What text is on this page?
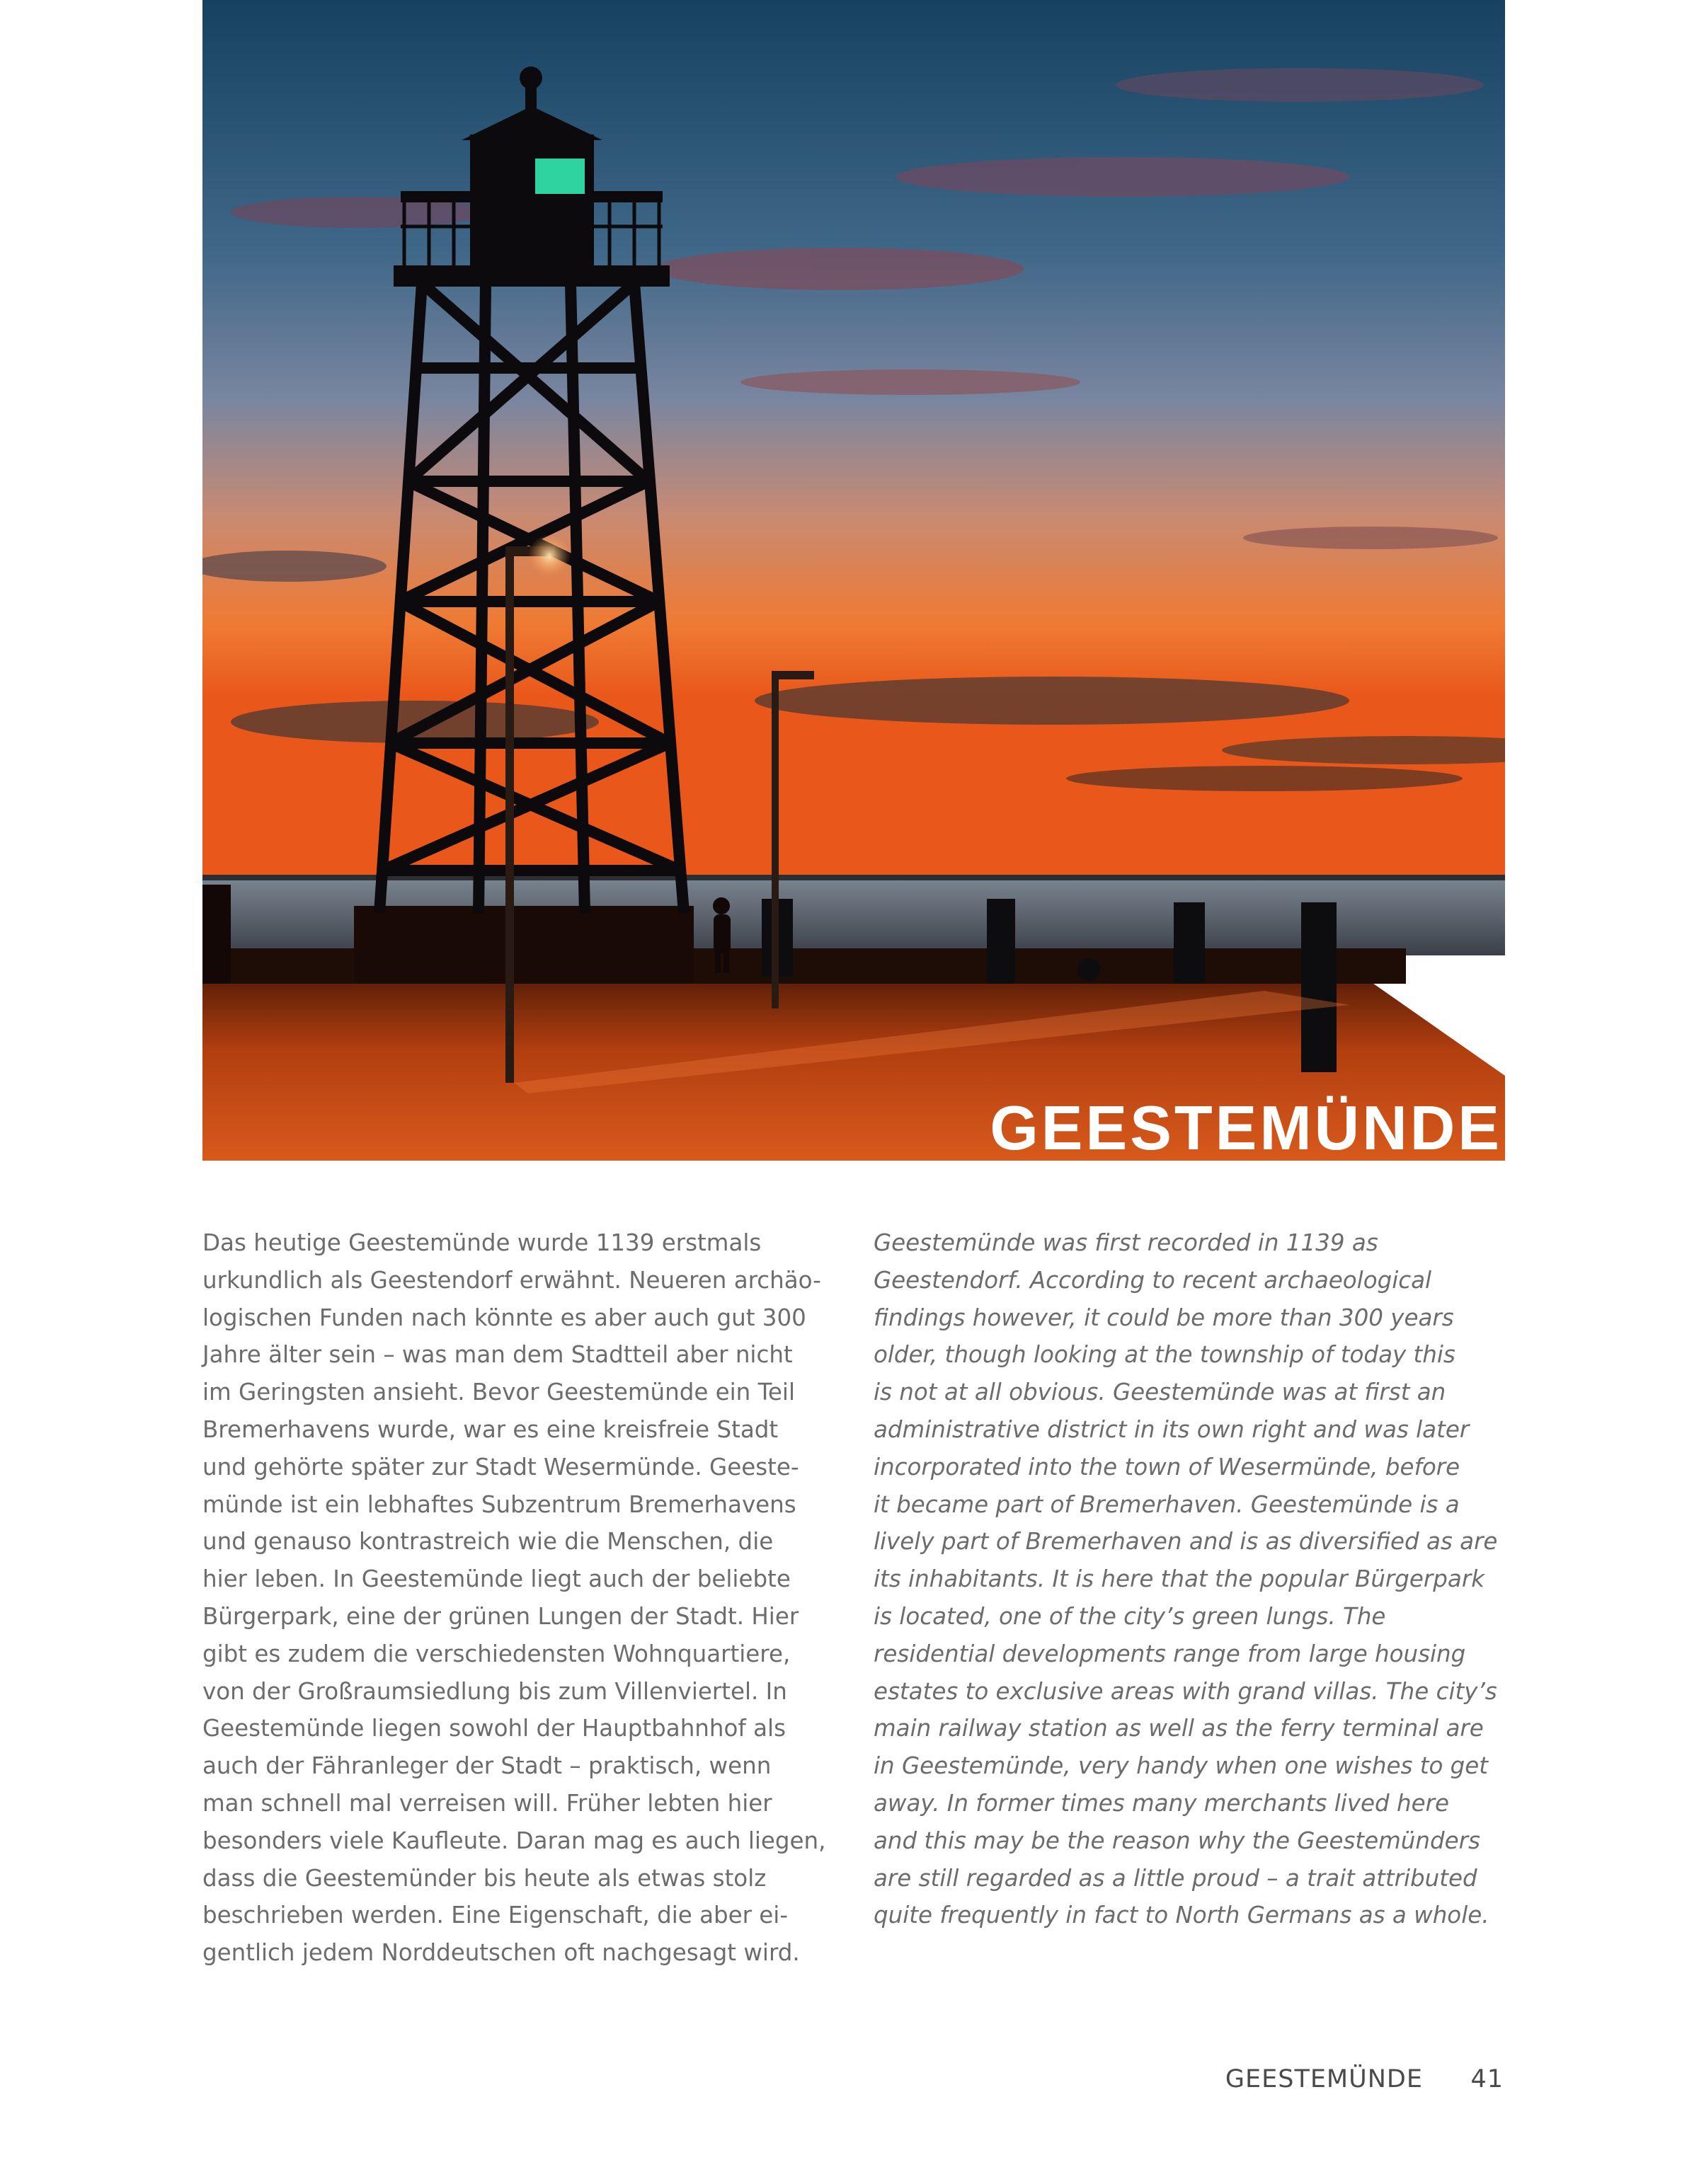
GEESTEMÜNDE

Das heutige Geestemünde wurde 1139 erstmals
urkundlich als Geestendorf erwähnt. Neueren archäo-
logischen Funden nach könnte es aber auch gut 300
Jahre älter sein – was man dem Stadtteil aber nicht
im Geringsten ansieht. Bevor Geestemünde ein Teil
Bremerhavens wurde, war es eine kreisfreie Stadt
und gehörte später zur Stadt Wesermünde. Geeste-
münde ist ein lebhaftes Subzentrum Bremerhavens
und genauso kontrastreich wie die Menschen, die
hier leben. In Geestemünde liegt auch der beliebte
Bürgerpark, eine der grünen Lungen der Stadt. Hier
gibt es zudem die verschiedensten Wohnquartiere,
von der Großraumsiedlung bis zum Villenviertel. In
Geestemünde liegen sowohl der Hauptbahnhof als
auch der Fähranleger der Stadt – praktisch, wenn
man schnell mal verreisen will. Früher lebten hier
besonders viele Kaufleute. Daran mag es auch liegen,
dass die Geestemünder bis heute als etwas stolz
beschrieben werden. Eine Eigenschaft, die aber ei-
gentlich jedem Norddeutschen oft nachgesagt wird.

Geestemünde was first recorded in 1139 as
Geestendorf. According to recent archaeological
findings however, it could be more than 300 years
older, though looking at the township of today this
is not at all obvious. Geestemünde was at first an
administrative district in its own right and was later
incorporated into the town of Wesermünde, before
it became part of Bremerhaven. Geestemünde is a
lively part of Bremerhaven and is as diversified as are
its inhabitants. It is here that the popular Bürgerpark
is located, one of the city’s green lungs. The
residential developments range from large housing
estates to exclusive areas with grand villas. The city’s
main railway station as well as the ferry terminal are
in Geestemünde, very handy when one wishes to get
away. In former times many merchants lived here
and this may be the reason why the Geestemünders
are still regarded as a little proud – a trait attributed
quite frequently in fact to North Germans as a whole.

GEESTEMÜNDE 41
